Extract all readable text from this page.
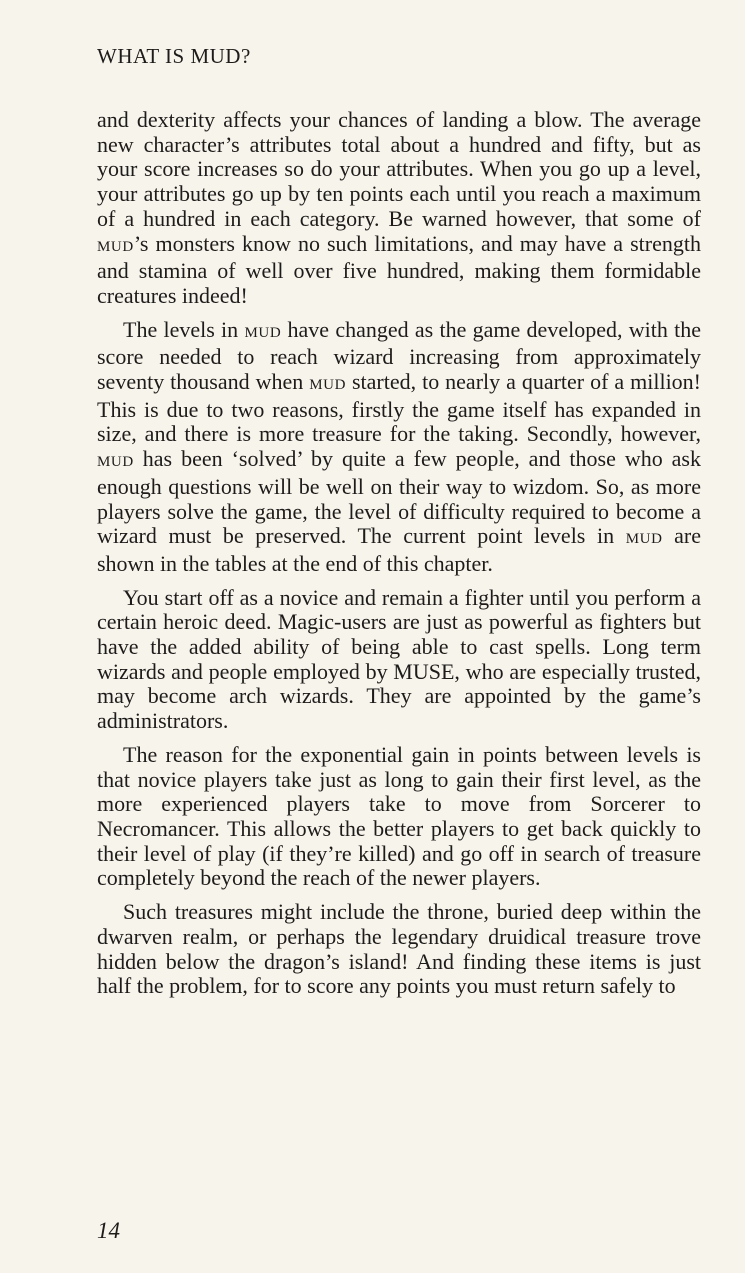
WHAT IS MUD?

and dexterity affects your chances of landing a blow. The average new character’s attributes total about a hundred and fifty, but as your score increases so do your attributes. When you go up a level, your attributes go up by ten points each until you reach a maximum of a hundred in each category. Be warned however, that some of MUD’s monsters know no such limitations, and may have a strength and stamina of well over five hundred, making them formidable creatures indeed!

The levels in MUD have changed as the game developed, with the score needed to reach wizard increasing from approximately seventy thousand when MUD started, to nearly a quarter of a million! This is due to two reasons, firstly the game itself has expanded in size, and there is more treasure for the taking. Secondly, however, MUD has been ‘solved’ by quite a few people, and those who ask enough questions will be well on their way to wizdom. So, as more players solve the game, the level of difficulty required to become a wizard must be preserved. The current point levels in MUD are shown in the tables at the end of this chapter.

You start off as a novice and remain a fighter until you perform a certain heroic deed. Magic-users are just as powerful as fighters but have the added ability of being able to cast spells. Long term wizards and people employed by MUSE, who are especially trusted, may become arch wizards. They are appointed by the game’s administrators.

The reason for the exponential gain in points between levels is that novice players take just as long to gain their first level, as the more experienced players take to move from Sorcerer to Necromancer. This allows the better players to get back quickly to their level of play (if they’re killed) and go off in search of treasure completely beyond the reach of the newer players.

Such treasures might include the throne, buried deep within the dwarven realm, or perhaps the legendary druidical treasure trove hidden below the dragon’s island! And finding these items is just half the problem, for to score any points you must return safely to

14
